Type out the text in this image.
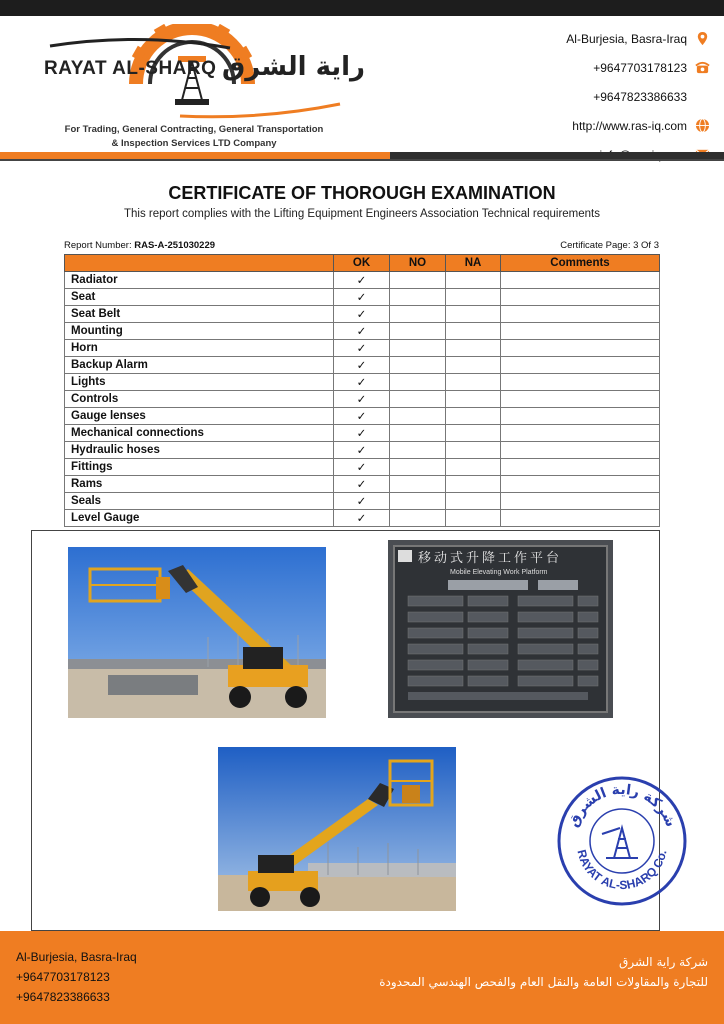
RAYAT AL-SHARQ راية الشرق
For Trading, General Contracting, General Transportation
& Inspection Services LTD Company
Al-Burjesia, Basra-Iraq
+9647703178123
+9647823386633
http://www.ras-iq.com
CERTIFICATE OF THOROUGH EXAMINATION
This report complies with the Lifting Equipment Engineers Association Technical requirements
Report Number: RAS-A-251030229	Certificate Page: 3 Of 3
	OK	NO	NA	Comments
Radiator	✓			
Seat	✓			
Seat Belt	✓			
Mounting	✓			
Horn	✓			
Backup Alarm	✓			
Lights	✓			
Controls	✓			
Gauge lenses	✓			
Mechanical connections	✓			
Hydraulic hoses	✓			
Fittings	✓			
Rams	✓			
Seals	✓			
Level Gauge	✓			
移动式升降工作平台
Mobile Elevating Work Platform
شركة راية الشرق
RAYAT AL-SHARQ Co.
Al-Burjesia, Basra-Iraq
+9647703178123
+9647823386633
شركة راية الشرق
للتجارة والمقاولات العامة والنقل العام والفحص الهندسي المحدودة
